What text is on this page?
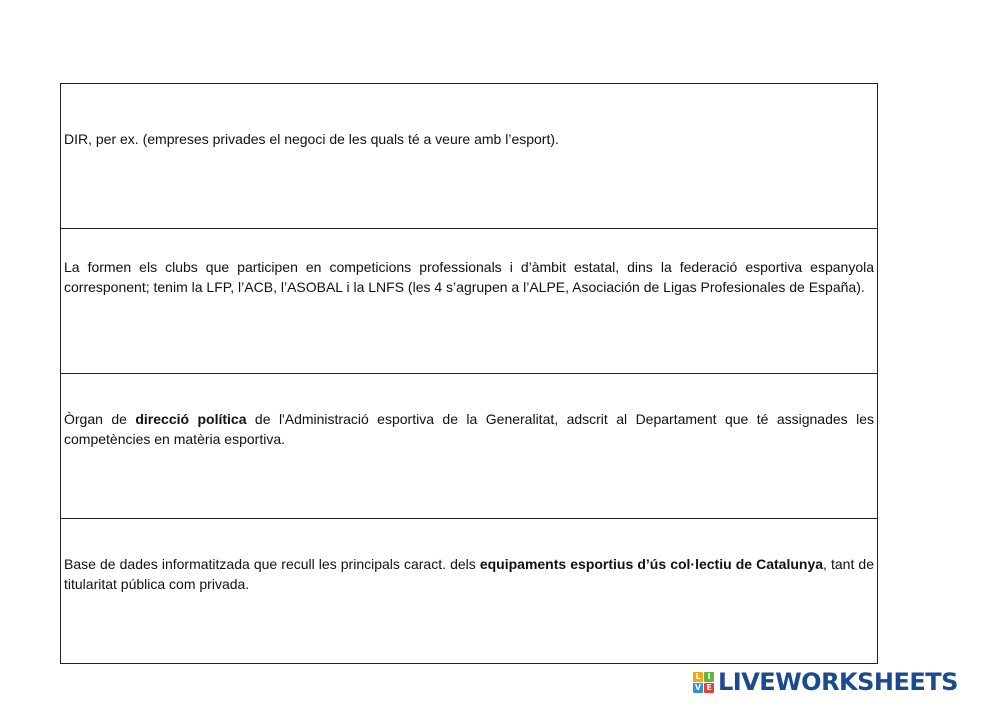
DIR, per ex. (empreses privades el negoci de les quals té a veure amb l’esport).
La formen els clubs que participen en competicions professionals i d’àmbit estatal, dins la federació esportiva espanyola corresponent; tenim la LFP, l’ACB, l’ASOBAL i la LNFS (les 4 s’agrupen a l’ALPE, Asociación de Ligas Profesionales de España).
Òrgan de direcció política de l'Administració esportiva de la Generalitat, adscrit al Departament que té assignades les competències en matèria esportiva.
Base de dades informatitzada que recull les principals caract. dels equipaments esportius d’ús col·lectiu de Catalunya, tant de titularitat pública com privada.
L I
V E LIVEWORKSHEETS
